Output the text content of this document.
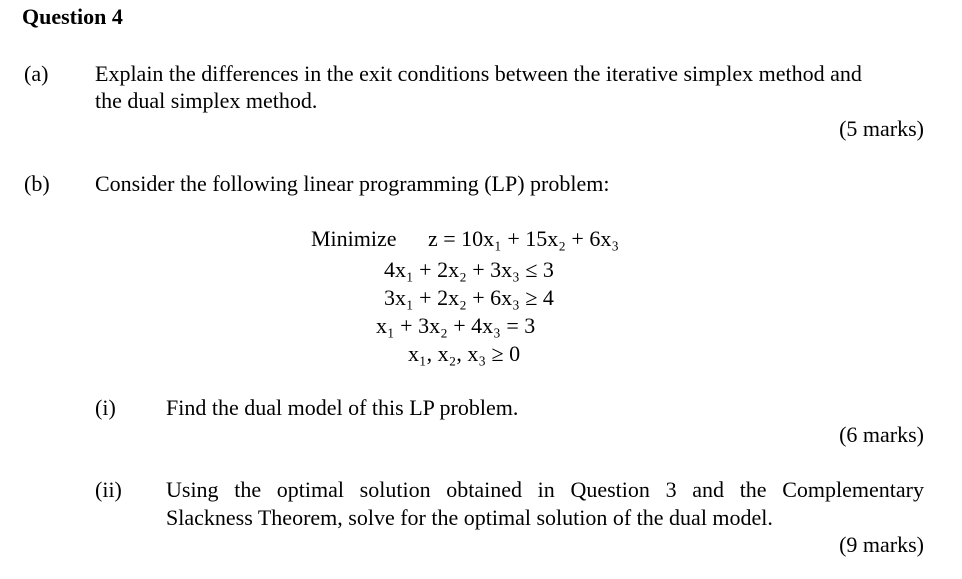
Question 4
(a) Explain the differences in the exit conditions between the iterative simplex method and
the dual simplex method.
(5 marks)
(b) Consider the following linear programming (LP) problem:
Minimize z = 10x₁ + 15x₂ + 6x₃
4x₁ + 2x₂ + 3x₃ ≤ 3
3x₁ + 2x₂ + 6x₃ ≥ 4
x₁ + 3x₂ + 4x₃ = 3
x₁, x₂, x₃ ≥ 0
(i) Find the dual model of this LP problem.
(6 marks)
(ii) Using the optimal solution obtained in Question 3 and the Complementary
Slackness Theorem, solve for the optimal solution of the dual model.
(9 marks)
